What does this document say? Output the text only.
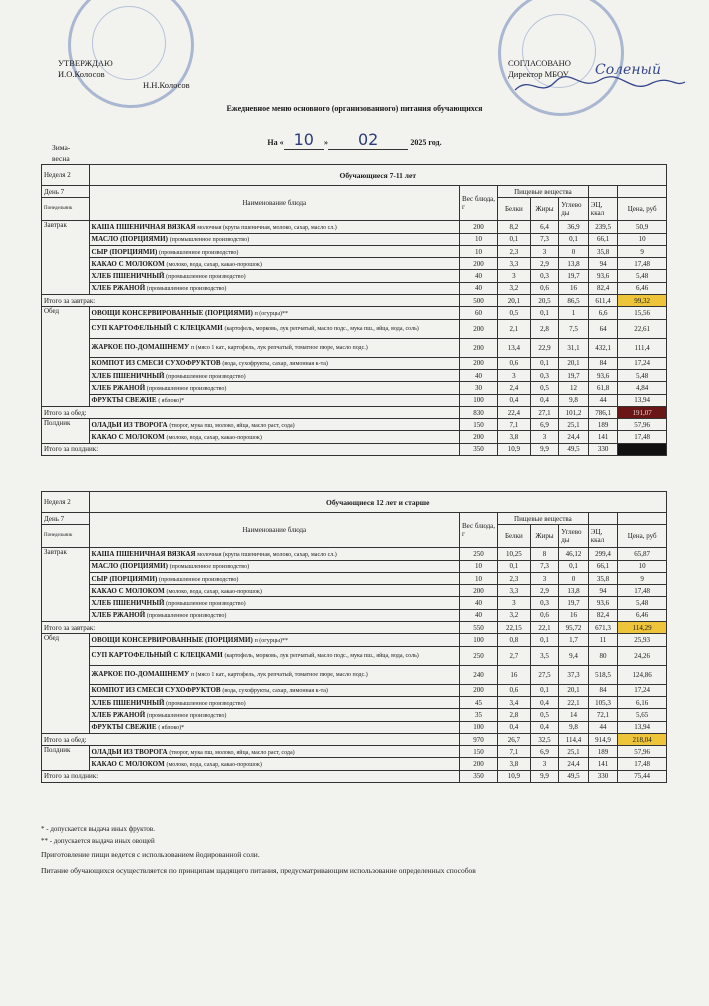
УТВЕРЖДАЮ
И.О.Колосов
Н.Н.Колосов
СОГЛАСОВАНО
Директор МБОУ Соленый
Ежедневное меню основного (организованного) питания обучающихся
На « 10 » 02	2025 год.
Зима-весна
Неделя 2	Обучающиеся 7-11 лет						
День 7	Наименование блюда	Вес блюда, г	Пищевые вещества				
Понедельник			Белки	Жиры	Углево ды	ЭЦ, ккал	Цена, руб
Завтрак	КАША ПШЕНИЧНАЯ ВЯЗКАЯ молочная (крупа пшеничная, молоко, сахар, масло сл.)	200	8,2	6,4	36,9	239,5	50,9
	МАСЛО (ПОРЦИЯМИ) (промышленное производство)	10	0,1	7,3	0,1	66,1	10
	СЫР (ПОРЦИЯМИ) (промышленное производство)	10	2,3	3	0	35,8	9
	КАКАО С МОЛОКОМ (молоко, вода, сахар, какао-порошок)	200	3,3	2,9	13,8	94	17,48
	ХЛЕБ ПШЕНИЧНЫЙ (промышленное производство)	40	3	0,3	19,7	93,6	5,48
	ХЛЕБ РЖАНОЙ (промышленное производство)	40	3,2	0,6	16	82,4	6,46
Итого за завтрак:		500	20,1	20,5	86,5	611,4	99,32
Обед	ОВОЩИ КОНСЕРВИРОВАННЫЕ (ПОРЦИЯМИ) п (огурцы)**	60	0,5	0,1	1	6,6	15,56
	СУП КАРТОФЕЛЬНЫЙ С КЛЕЦКАМИ (картофель, морковь, лук репчатый, масло подс., мука пш., яйца, вода, соль)	200	2,1	2,8	7,5	64	22,61
	ЖАРКОЕ ПО-ДОМАШНЕМУ п (мясо 1 кат., картофель, лук репчатый, томатное пюре, масло подс.)	200	13,4	22,9	31,1	432,1	111,4
	КОМПОТ ИЗ СМЕСИ СУХОФРУКТОВ (вода, сухофрукты, сахар, лимонная к-та)	200	0,6	0,1	20,1	84	17,24
	ХЛЕБ ПШЕНИЧНЫЙ (промышленное производство)	40	3	0,3	19,7	93,6	5,48
	ХЛЕБ РЖАНОЙ (промышленное производство)	30	2,4	0,5	12	61,8	4,84
	ФРУКТЫ СВЕЖИЕ ( яблоко)*	100	0,4	0,4	9,8	44	13,94
Итого за обед:		830	22,4	27,1	101,2	786,1	191,07
Полдник	ОЛАДЬИ ИЗ ТВОРОГА (творог, мука пш, молоко, яйца, масло раст, сода)	150	7,1	6,9	25,1	189	57,96
	КАКАО С МОЛОКОМ (молоко, вода, сахар, какао-порошок)	200	3,8	3	24,4	141	17,48
Итого за полдник:		350	10,9	9,9	49,5	330	
Неделя 2	Обучающиеся 12 лет и старше						
День 7	Наименование блюда	Вес блюда, г	Пищевые вещества				
Понедельник			Белки	Жиры	Углево ды	ЭЦ, ккал	Цена, руб
Завтрак	КАША ПШЕНИЧНАЯ ВЯЗКАЯ молочная (крупа пшеничная, молоко, сахар, масло сл.)	250	10,25	8	46,12	299,4	65,87
	МАСЛО (ПОРЦИЯМИ) (промышленное производство)	10	0,1	7,3	0,1	66,1	10
	СЫР (ПОРЦИЯМИ) (промышленное производство)	10	2,3	3	0	35,8	9
	КАКАО С МОЛОКОМ (молоко, вода, сахар, какао-порошок)	200	3,3	2,9	13,8	94	17,48
	ХЛЕБ ПШЕНИЧНЫЙ (промышленное производство)	40	3	0,3	19,7	93,6	5,48
	ХЛЕБ РЖАНОЙ (промышленное производство)	40	3,2	0,6	16	82,4	6,46
Итого за завтрак:		550	22,15	22,1	95,72	671,3	114,29
Обед	ОВОЩИ КОНСЕРВИРОВАННЫЕ (ПОРЦИЯМИ) п (огурцы)**	100	0,8	0,1	1,7	11	25,93
	СУП КАРТОФЕЛЬНЫЙ С КЛЕЦКАМИ (картофель, морковь, лук репчатый, масло подс., мука пш., яйца, вода, соль)	250	2,7	3,5	9,4	80	24,26
	ЖАРКОЕ ПО-ДОМАШНЕМУ п (мясо 1 кат., картофель, лук репчатый, томатное пюре, масло подс.)	240	16	27,5	37,3	518,5	124,86
	КОМПОТ ИЗ СМЕСИ СУХОФРУКТОВ (вода, сухофрукты, сахар, лимонная к-та)	200	0,6	0,1	20,1	84	17,24
	ХЛЕБ ПШЕНИЧНЫЙ (промышленное производство)	45	3,4	0,4	22,1	105,3	6,16
	ХЛЕБ РЖАНОЙ (промышленное производство)	35	2,8	0,5	14	72,1	5,65
	ФРУКТЫ СВЕЖИЕ ( яблоко)*	100	0,4	0,4	9,8	44	13,94
Итого за обед:		970	26,7	32,5	114,4	914,9	218,04
Полдник	ОЛАДЬИ ИЗ ТВОРОГА (творог, мука пш, молоко, яйца, масло раст, сода)	150	7,1	6,9	25,1	189	57,96
	КАКАО С МОЛОКОМ (молоко, вода, сахар, какао-порошок)	200	3,8	3	24,4	141	17,48
Итого за полдник:		350	10,9	9,9	49,5	330	75,44
* - допускается выдача иных фруктов.
** - допускается выдача иных овощей
Приготовление пищи ведется с использованием йодированной соли.
Питание обучающихся осуществляется по принципам щадящего питания, предусматривающим использование определенных способов
